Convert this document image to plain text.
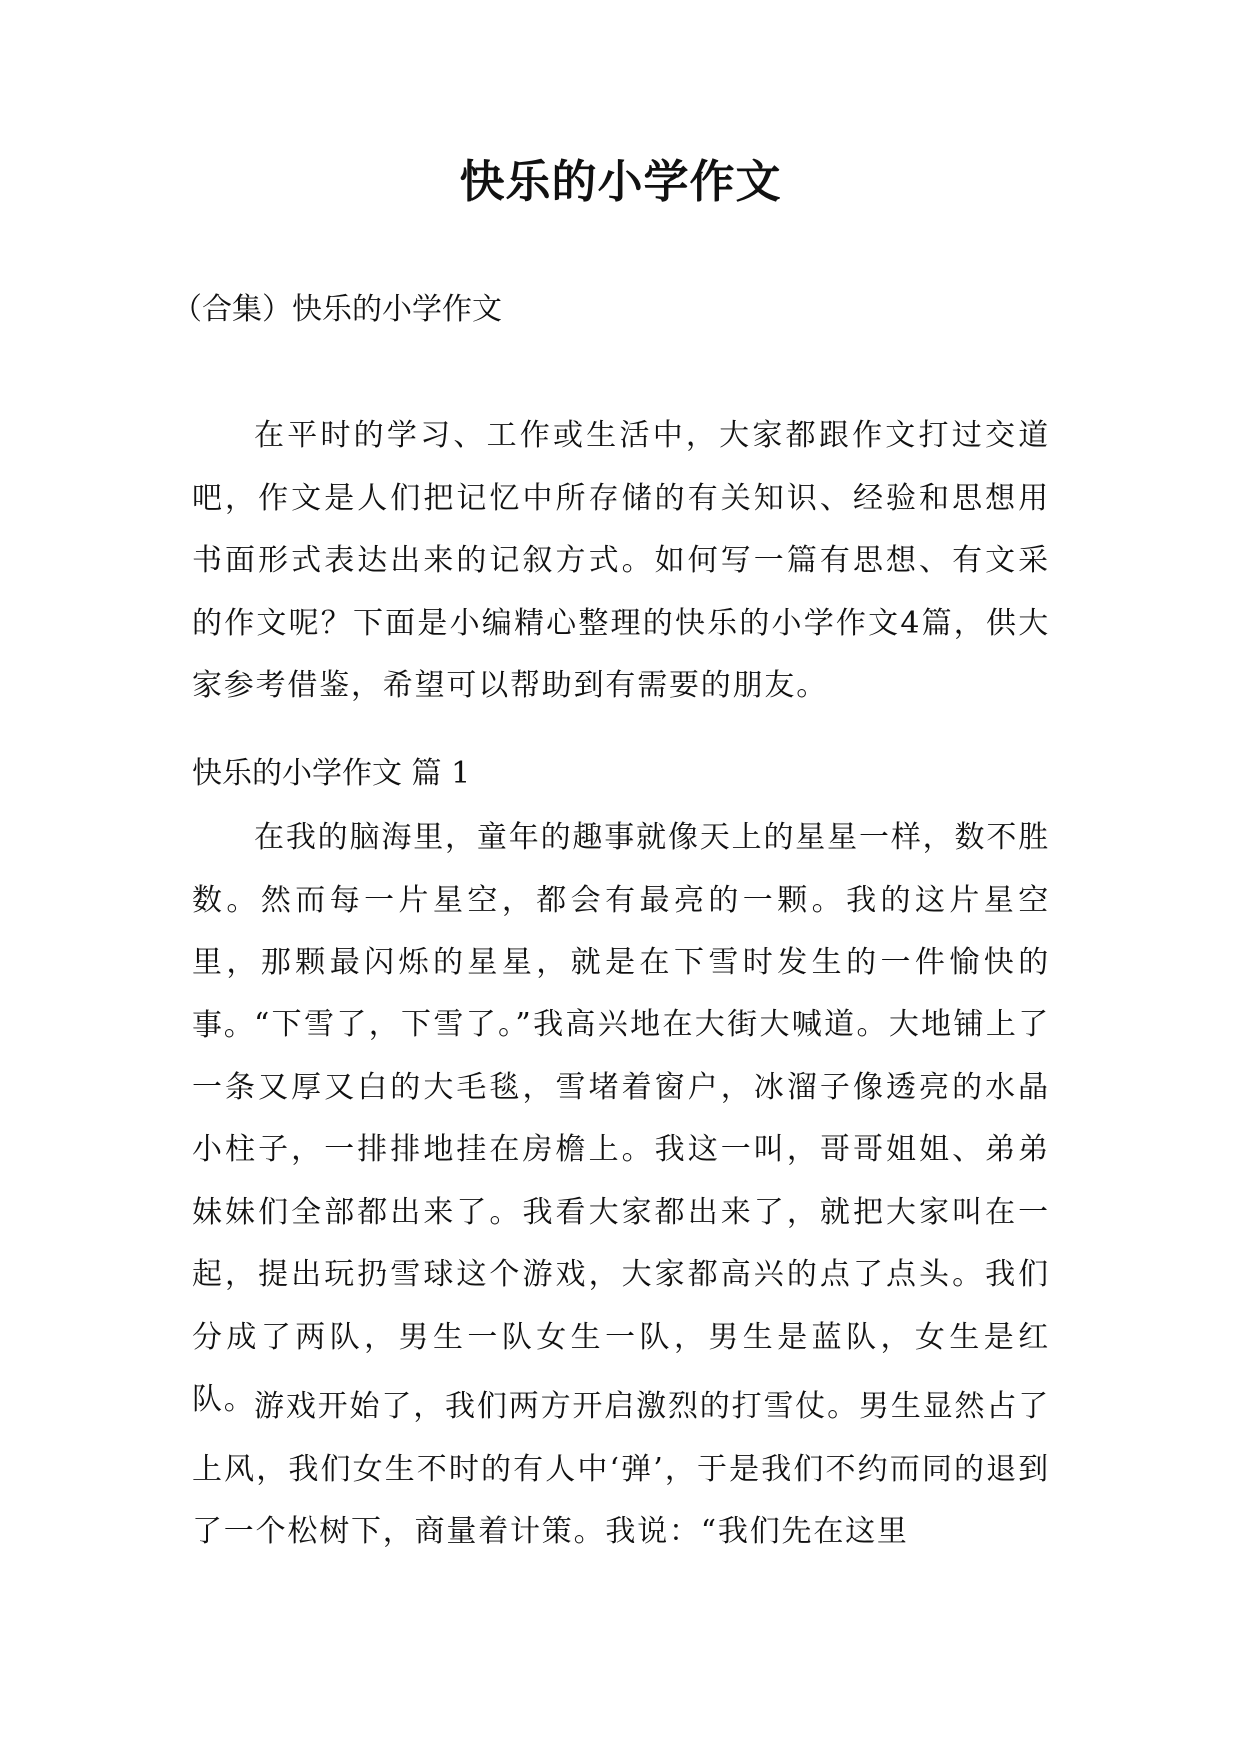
快乐的小学作文

（合集）快乐的小学作文

在平时的学习、工作或生活中，大家都跟作文打过交道吧，作文是人们把记忆中所存储的有关知识、经验和思想用书面形式表达出来的记叙方式。如何写一篇有思想、有文采的作文呢？下面是小编精心整理的快乐的小学作文4篇，供大家参考借鉴，希望可以帮助到有需要的朋友。

快乐的小学作文 篇 1

在我的脑海里，童年的趣事就像天上的星星一样，数不胜数。然而每一片星空，都会有最亮的一颗。我的这片星空里，那颗最闪烁的星星，就是在下雪时发生的一件愉快的事。

“下雪了，下雪了。”我高兴地在大街大喊道。大地铺上了一条又厚又白的大毛毯，雪堵着窗户，冰溜子像透亮的水晶小柱子，一排排地挂在房檐上。我这一叫，哥哥姐姐、弟弟妹妹们全部都出来了。我看大家都出来了，就把大家叫在一起，提出玩扔雪球这个游戏，大家都高兴的点了点头。我们分成了两队，男生一队女生一队，男生是蓝队，女生是红队。

游戏开始了，我们两方开启激烈的打雪仗。男生显然占了上风，我们女生不时的有人中‘弹’，于是我们不约而同的退到了一个松树下，商量着计策。我说：“我们先在这里
